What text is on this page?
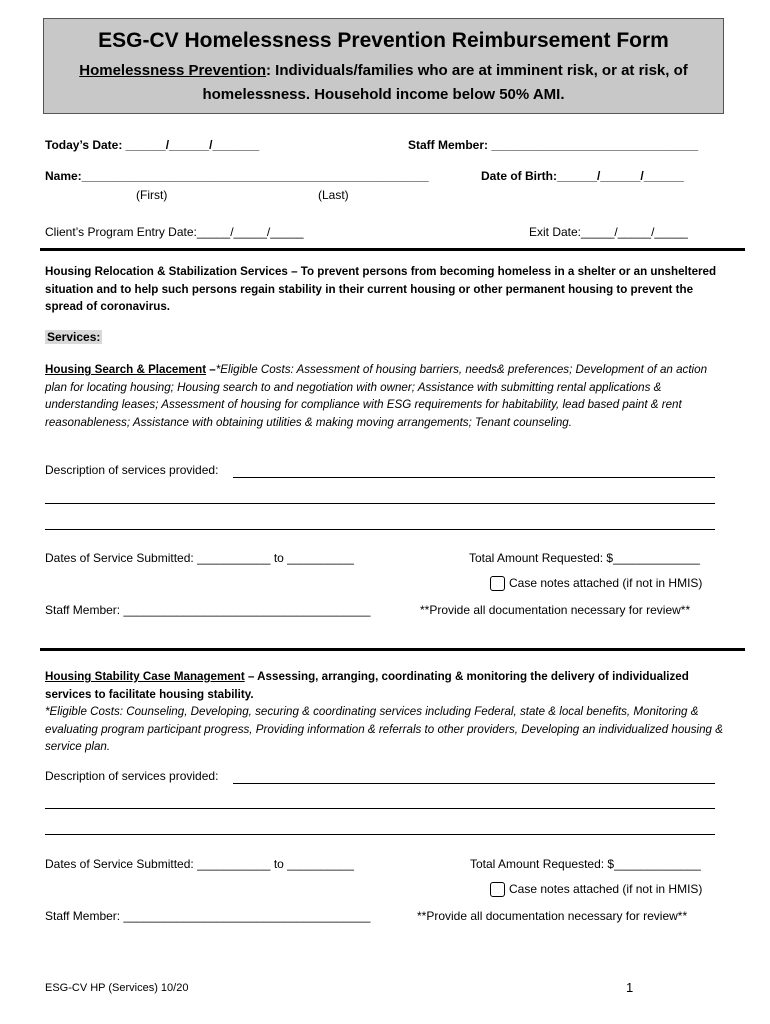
ESG-CV Homelessness Prevention Reimbursement Form
Homelessness Prevention: Individuals/families who are at imminent risk, or at risk, of homelessness. Household income below 50% AMI.
Today’s Date: ______/______/_______	Staff Member: _______________________________
Name:____________________________________________________	Date of Birth:______/______/______
(First)	(Last)
Client’s Program Entry Date:_____/_____/_____	Exit Date:_____/_____/_____
Housing Relocation & Stabilization Services – To prevent persons from becoming homeless in a shelter or an unsheltered situation and to help such persons regain stability in their current housing or other permanent housing to prevent the spread of coronavirus.
Services:
Housing Search & Placement –*Eligible Costs: Assessment of housing barriers, needs& preferences; Development of an action plan for locating housing; Housing search to and negotiation with owner; Assistance with submitting rental applications & understanding leases; Assessment of housing for compliance with ESG requirements for habitability, lead based paint & rent reasonableness; Assistance with obtaining utilities & making moving arrangements; Tenant counseling.
Description of services provided:
Dates of Service Submitted: ___________ to __________	Total Amount Requested: $_____________
Case notes attached (if not in HMIS)
Staff Member: _____________________________________	**Provide all documentation necessary for review**
Housing Stability Case Management – Assessing, arranging, coordinating & monitoring the delivery of individualized services to facilitate housing stability.
*Eligible Costs: Counseling, Developing, securing & coordinating services including Federal, state & local benefits, Monitoring & evaluating program participant progress, Providing information & referrals to other providers, Developing an individualized housing & service plan.
Description of services provided:
Dates of Service Submitted: ___________ to __________	Total Amount Requested: $_____________
Case notes attached (if not in HMIS)
Staff Member: _____________________________________	**Provide all documentation necessary for review**
ESG-CV HP (Services) 10/20	1
